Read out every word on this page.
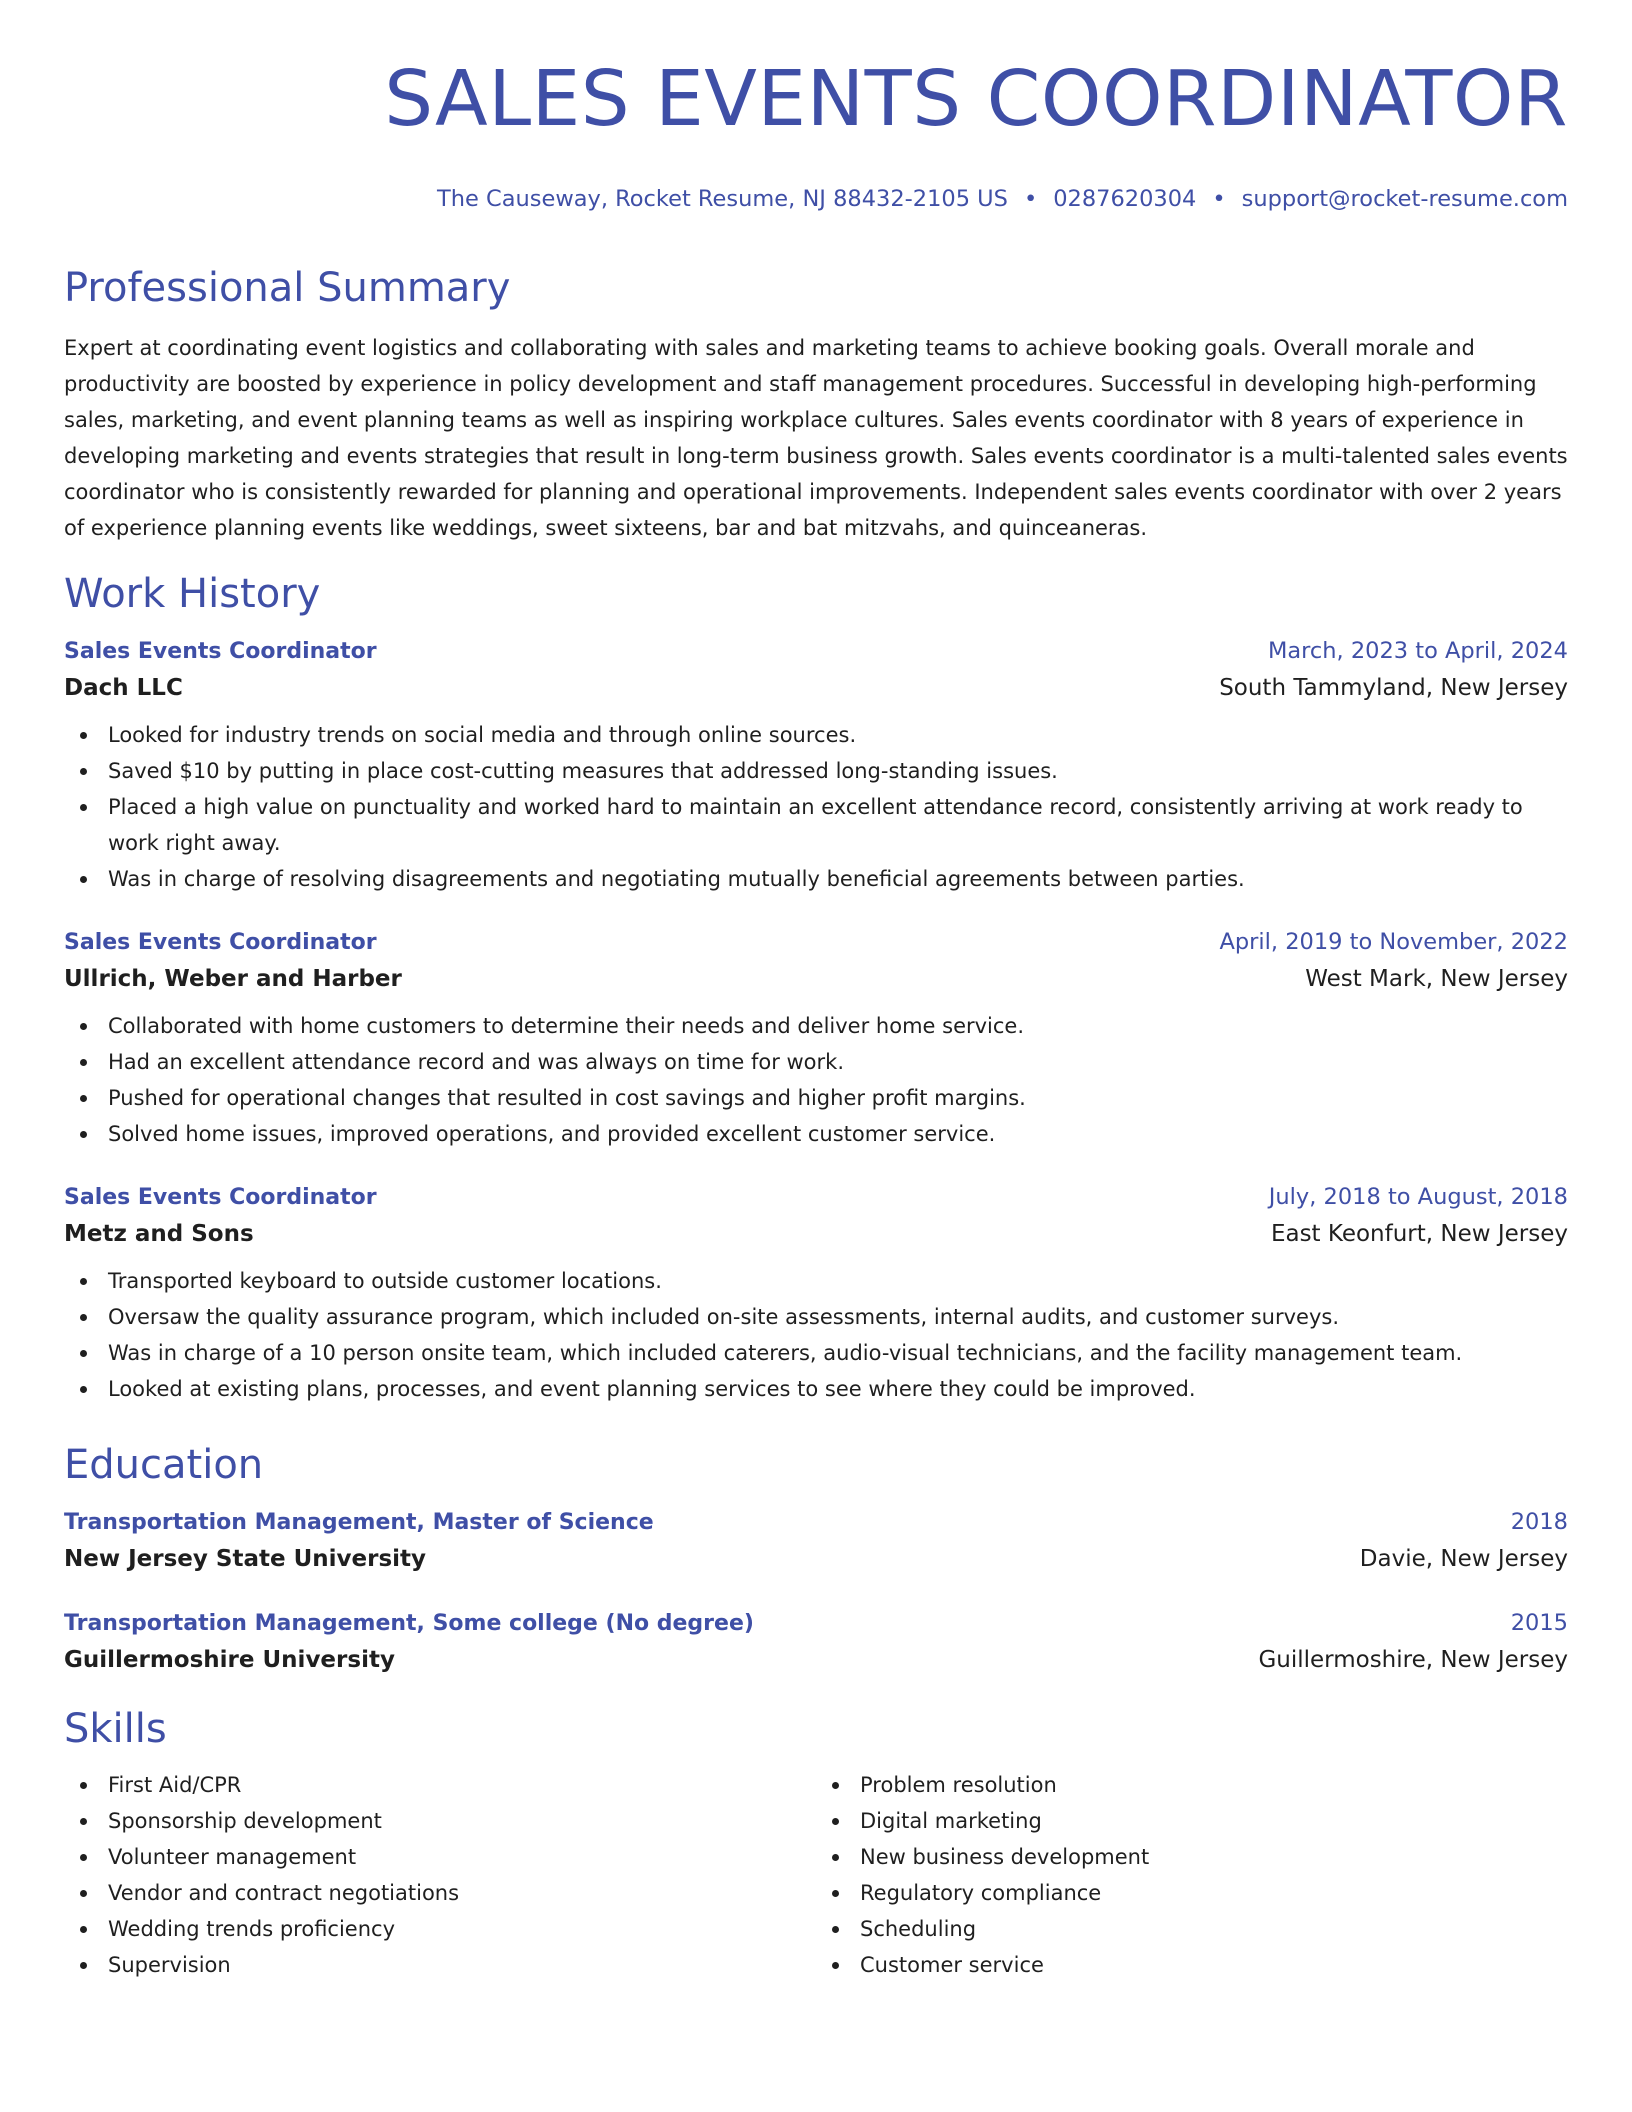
SALES EVENTS COORDINATOR
The Causeway, Rocket Resume, NJ 88432-2105 US • 0287620304 • support@rocket-resume.com
Professional Summary

Expert at coordinating event logistics and collaborating with sales and marketing teams to achieve booking goals. Overall morale and productivity are boosted by experience in policy development and staff management procedures. Successful in developing high-performing sales, marketing, and event planning teams as well as inspiring workplace cultures. Sales events coordinator with 8 years of experience in developing marketing and events strategies that result in long-term business growth. Sales events coordinator is a multi-talented sales events coordinator who is consistently rewarded for planning and operational improvements. Independent sales events coordinator with over 2 years of experience planning events like weddings, sweet sixteens, bar and bat mitzvahs, and quinceaneras.

Work History
Sales Events Coordinator	March, 2023 to April, 2024
Dach LLC	South Tammyland, New Jersey
Looked for industry trends on social media and through online sources.
Saved $10 by putting in place cost-cutting measures that addressed long-standing issues.
Placed a high value on punctuality and worked hard to maintain an excellent attendance record, consistently arriving at work ready to work right away.
Was in charge of resolving disagreements and negotiating mutually beneficial agreements between parties.
Sales Events Coordinator	April, 2019 to November, 2022
Ullrich, Weber and Harber	West Mark, New Jersey
Collaborated with home customers to determine their needs and deliver home service.
Had an excellent attendance record and was always on time for work.
Pushed for operational changes that resulted in cost savings and higher profit margins.
Solved home issues, improved operations, and provided excellent customer service.
Sales Events Coordinator	July, 2018 to August, 2018
Metz and Sons	East Keonfurt, New Jersey
Transported keyboard to outside customer locations.
Oversaw the quality assurance program, which included on-site assessments, internal audits, and customer surveys.
Was in charge of a 10 person onsite team, which included caterers, audio-visual technicians, and the facility management team.
Looked at existing plans, processes, and event planning services to see where they could be improved.
Education
Transportation Management, Master of Science	2018
New Jersey State University	Davie, New Jersey
Transportation Management, Some college (No degree)	2015
Guillermoshire University	Guillermoshire, New Jersey
Skills
First Aid/CPR
Sponsorship development
Volunteer management
Vendor and contract negotiations
Wedding trends proficiency
Supervision
Problem resolution
Digital marketing
New business development
Regulatory compliance
Scheduling
Customer service
